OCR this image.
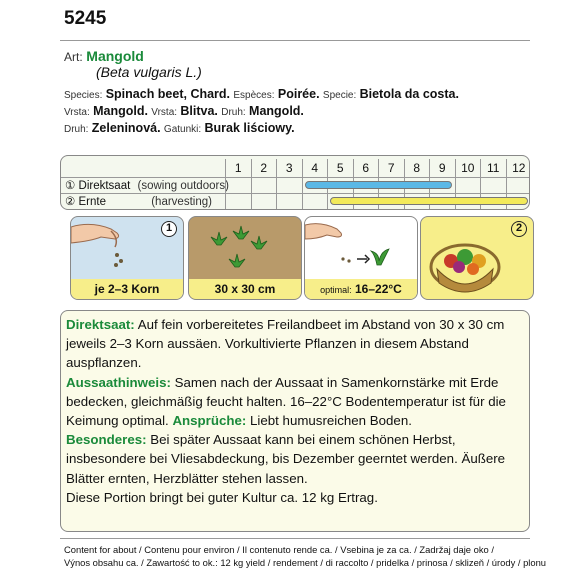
5245
Art: Mangold
(Beta vulgaris L.)
Species: Spinach beet, Chard. Espèces: Poirée. Specie: Bietola da costa.
Vrsta: Mangold. Vrsta: Blitva. Druh: Mangold.
Druh: Zeleninová. Gatunki: Burak liściowy.
1	2	3	4	5	6	7	8	9	10	11	12
① Direktsaat (sowing outdoors)
② Ernte	(harvesting)
1
je 2–3 Korn	30 x 30 cm	optimal: 16–22°C
2

Direktsaat: Auf fein vorbereitetes Freilandbeet im Abstand von 30 x 30 cm jeweils 2–3 Korn aussäen. Vorkultivierte Pflanzen in diesem Abstand auspflanzen.

Aussaathinweis: Samen nach der Aussaat in Samenkornstärke mit Erde bedecken, gleichmäßig feucht halten. 16–22°C Bodentemperatur ist für die Keimung optimal. Ansprüche: Liebt humusreichen Boden.

Besonderes: Bei später Aussaat kann bei einem schönen Herbst, insbesondere bei Vliesabdeckung, bis Dezember geerntet werden. Äußere Blätter ernten, Herzblätter stehen lassen.

Diese Portion bringt bei guter Kultur ca. 12 kg Ertrag.

Content for about / Contenu pour environ / Il contenuto rende ca. / Vsebina je za ca. / Zadržaj daje oko /
Výnos obsahu ca. / Zawartość to ok.: 12 kg yield / rendement / di raccolto / pridelka / prinosa / sklizeň / úrody / plonu
